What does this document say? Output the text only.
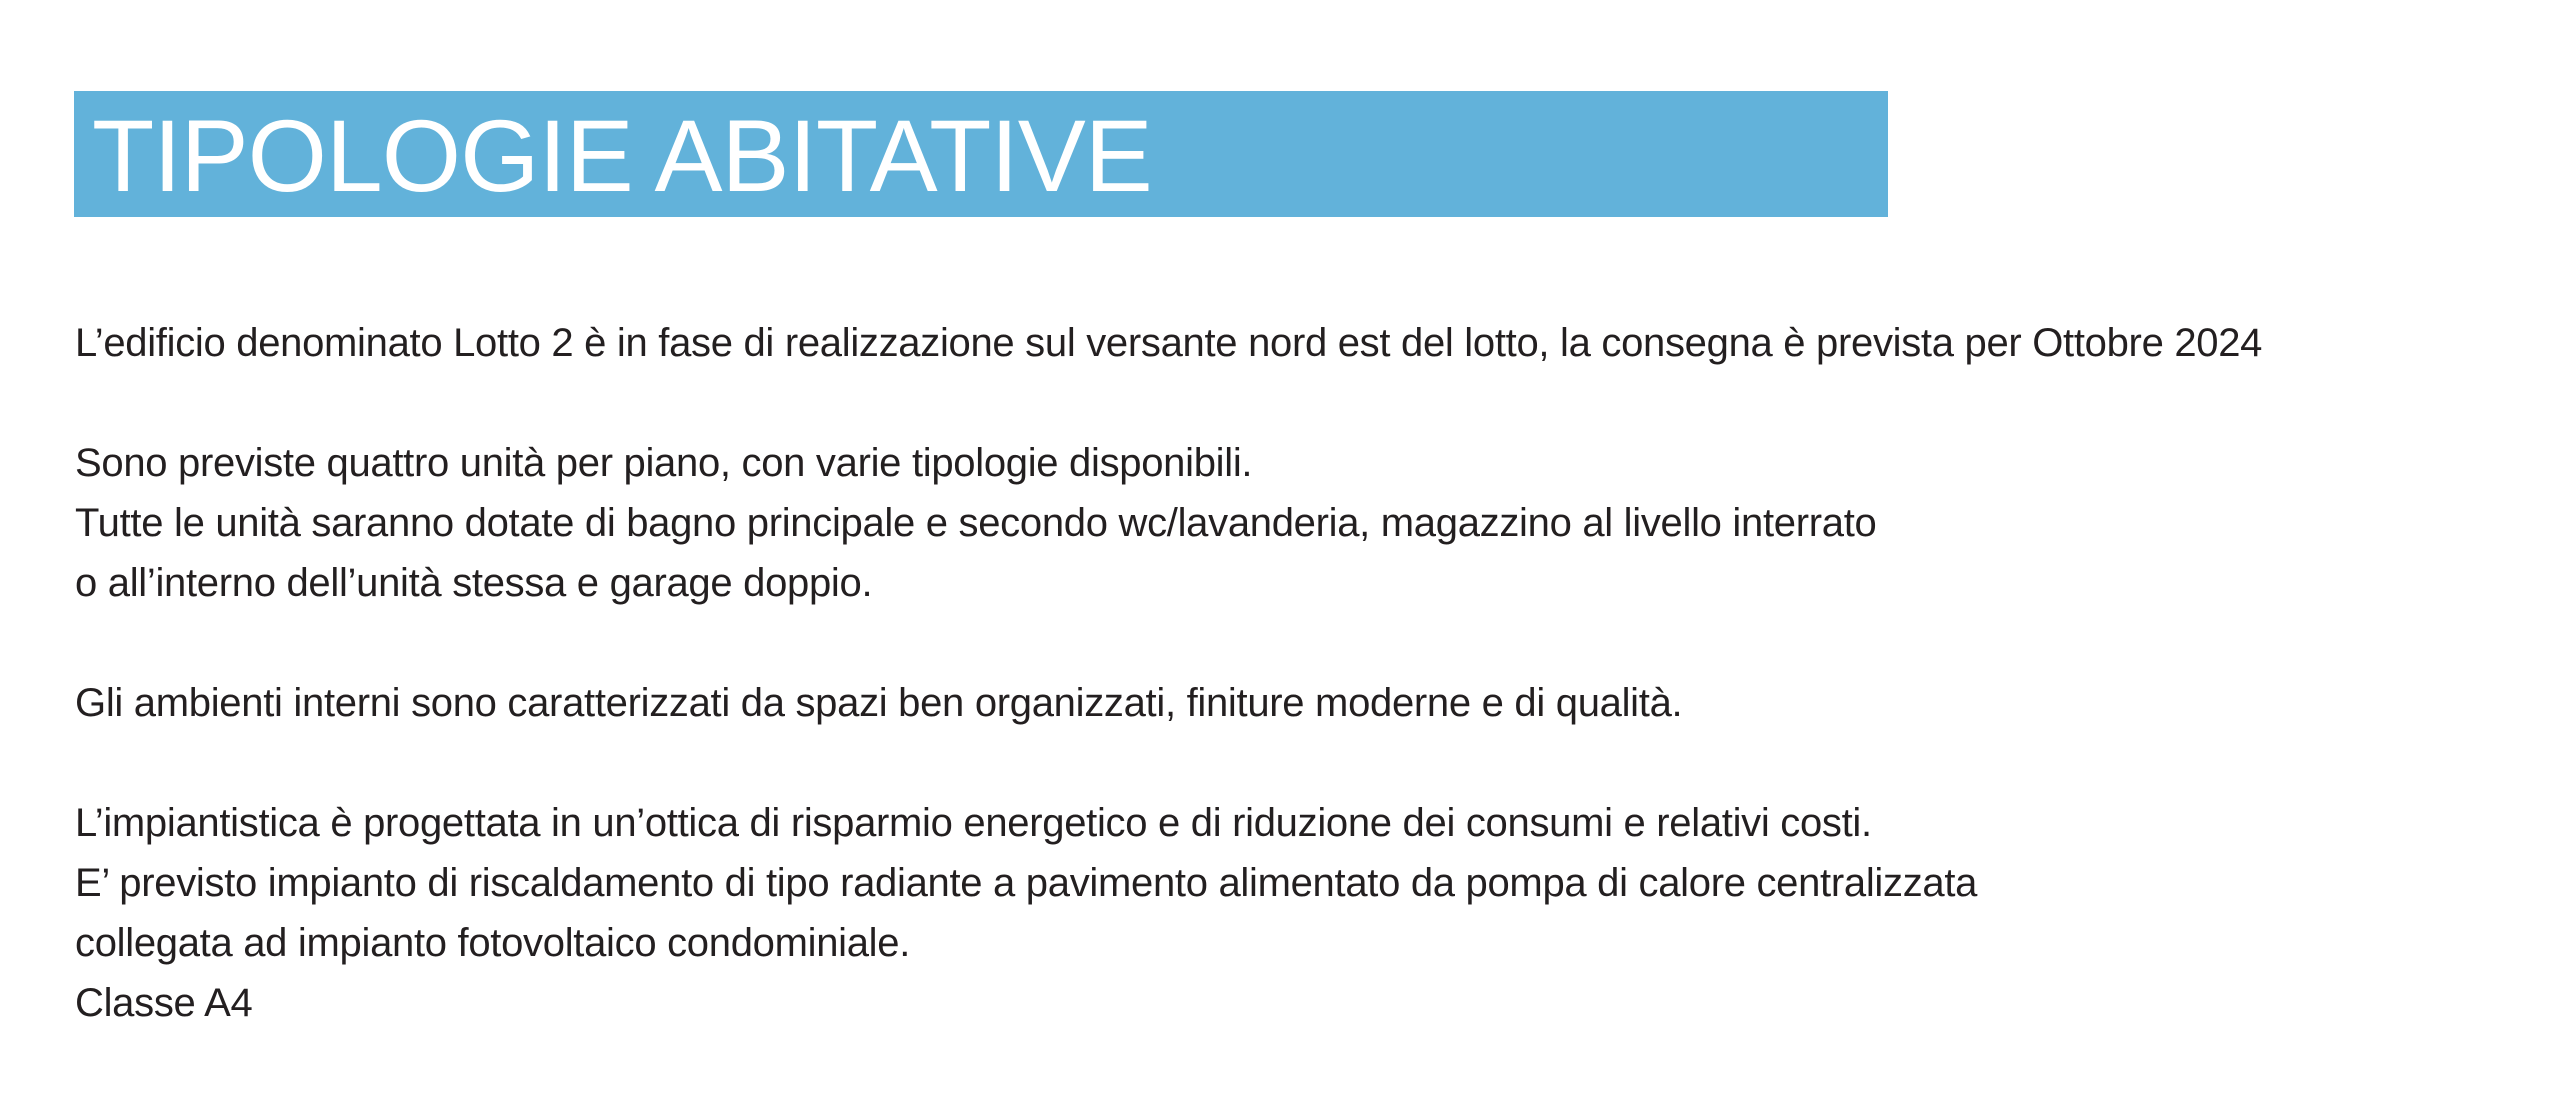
TIPOLOGIE ABITATIVE
L’edificio denominato Lotto 2 è in fase di realizzazione sul versante nord est del lotto, la consegna è prevista per Ottobre 2024
Sono previste quattro unità per piano, con varie tipologie disponibili.
Tutte le unità saranno dotate di bagno principale e secondo wc/lavanderia, magazzino al livello interrato
o all’interno dell’unità stessa e garage doppio.
Gli ambienti interni sono caratterizzati da spazi ben organizzati, finiture moderne e di qualità.
L’impiantistica è progettata in un’ottica di risparmio energetico e di riduzione dei consumi e relativi costi.
E’ previsto impianto di riscaldamento di tipo radiante a pavimento alimentato da pompa di calore centralizzata
collegata ad impianto fotovoltaico condominiale.
Classe A4
